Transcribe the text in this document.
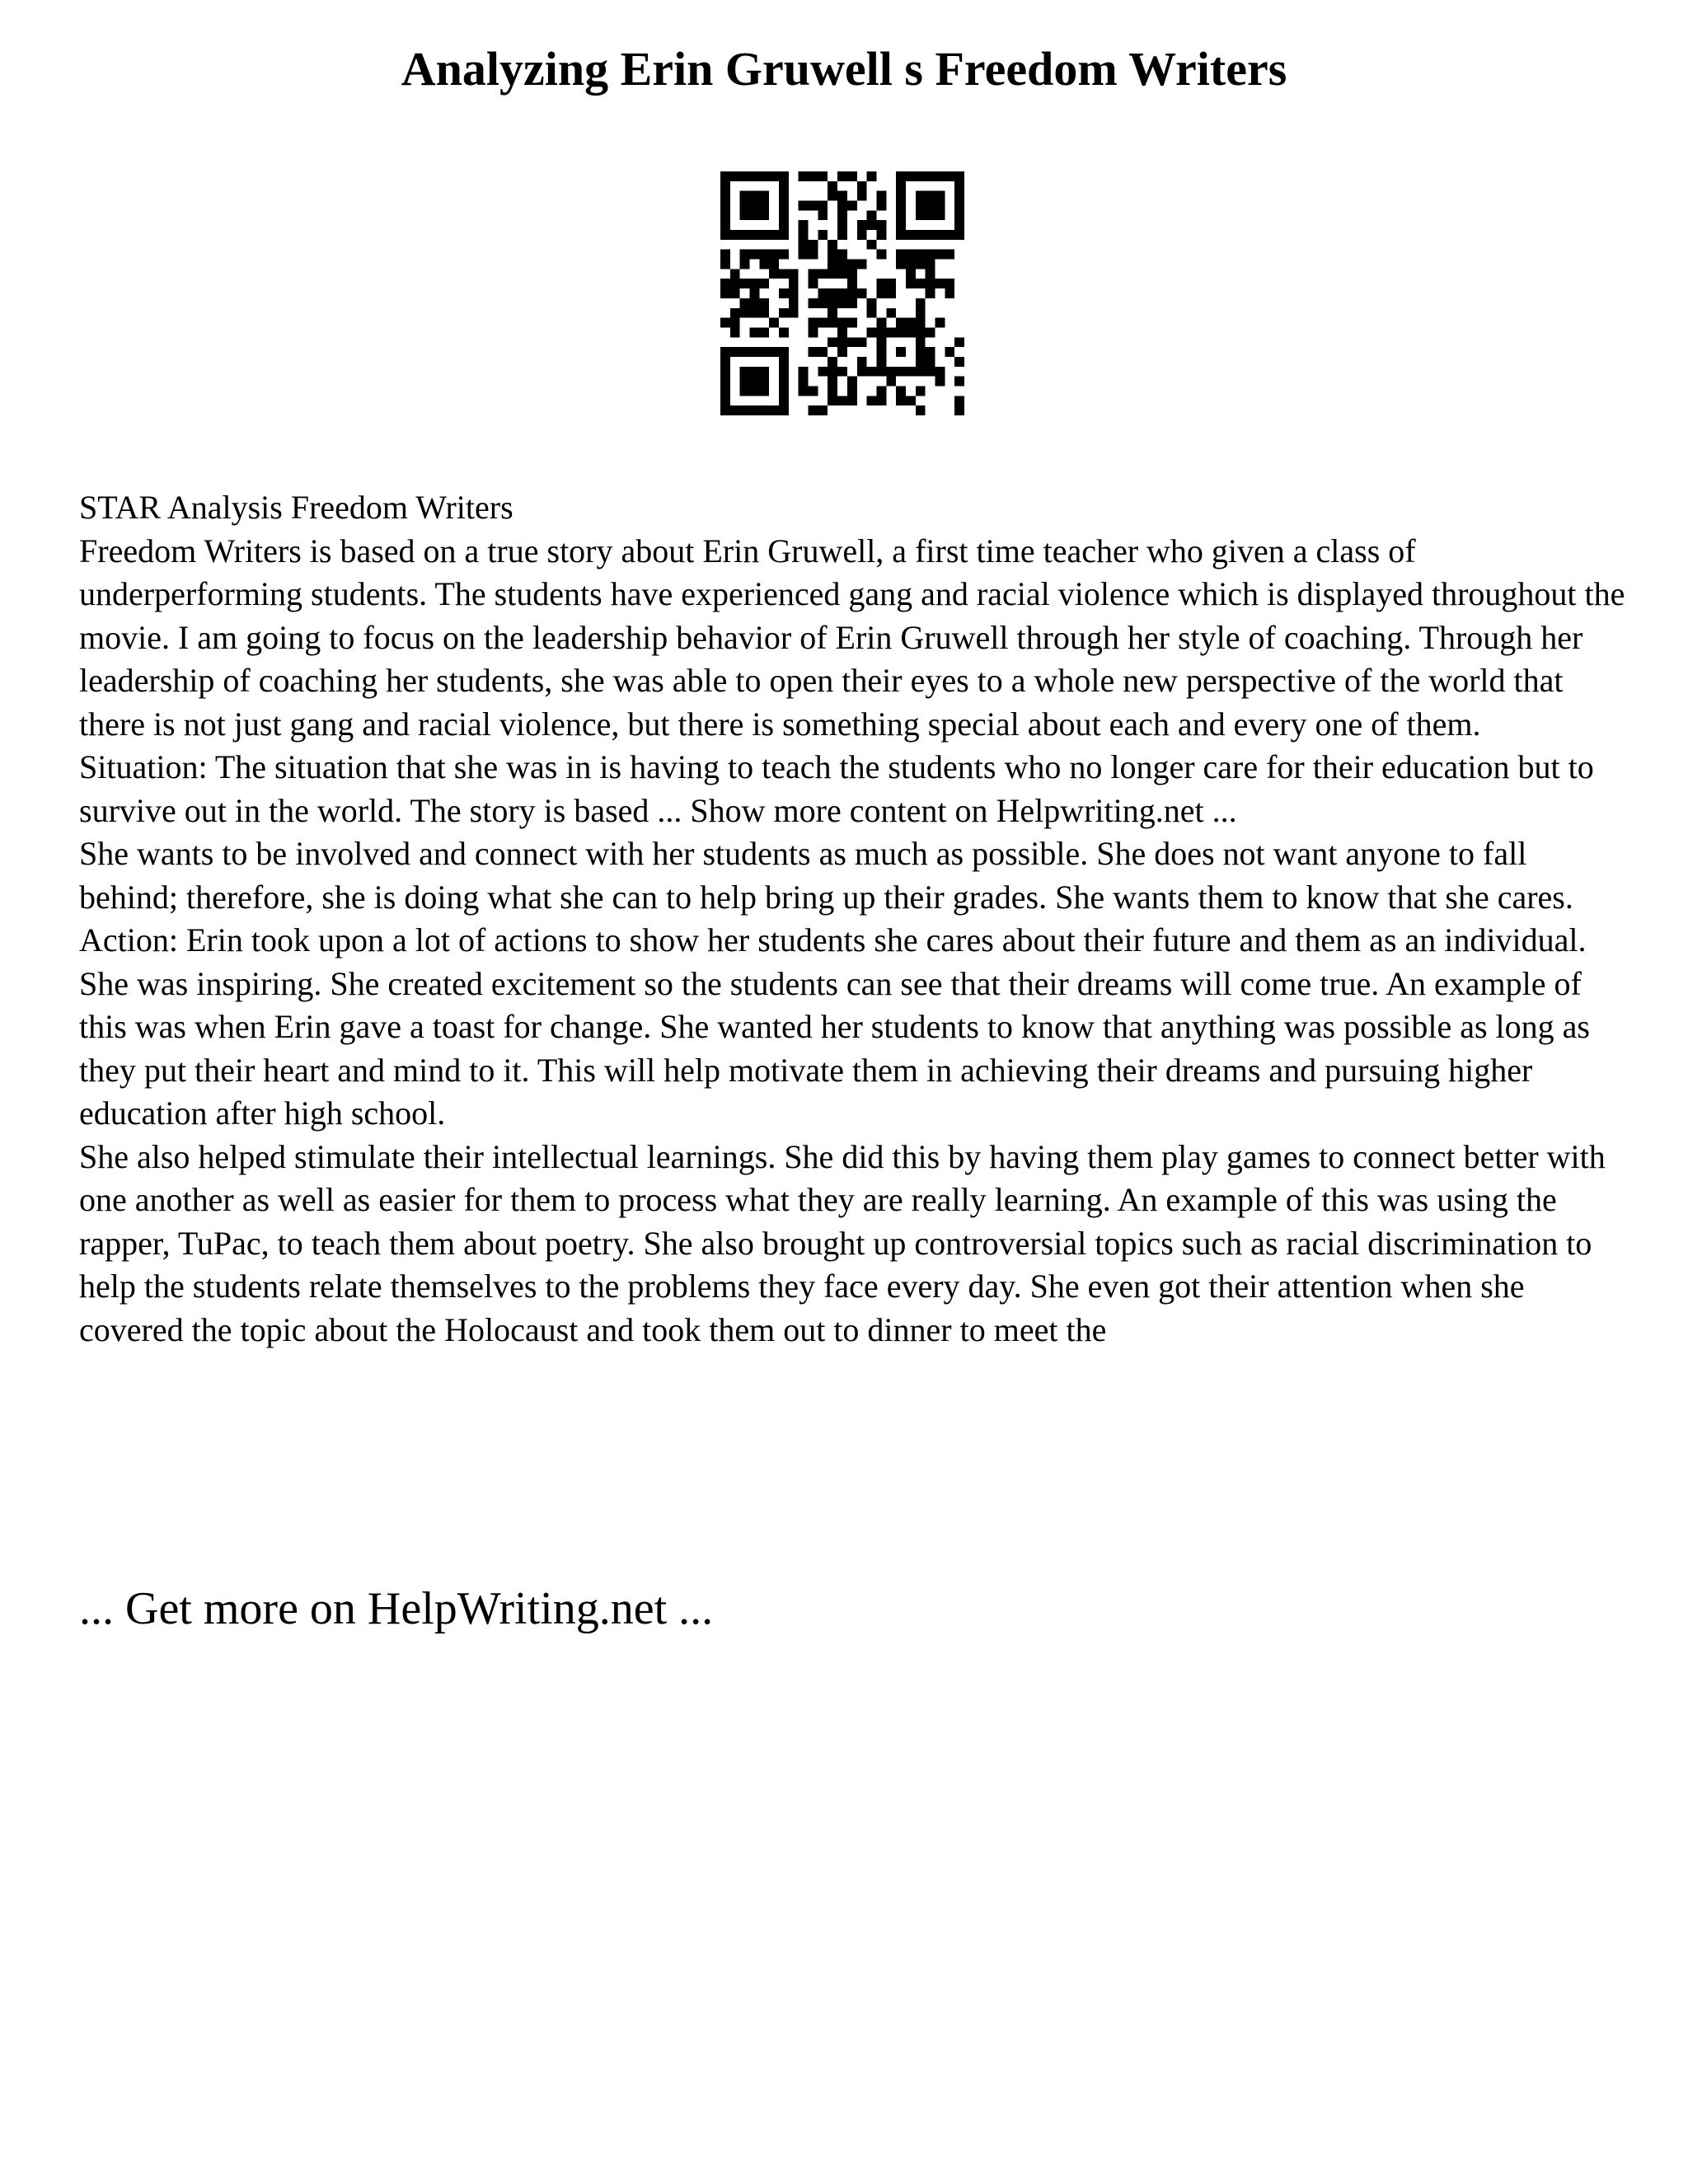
Analyzing Erin Gruwell s Freedom Writers

STAR Analysis Freedom Writers

Freedom Writers is based on a true story about Erin Gruwell, a first time teacher who given a class of underperforming students. The students have experienced gang and racial violence which is displayed throughout the movie. I am going to focus on the leadership behavior of Erin Gruwell through her style of coaching. Through her leadership of coaching her students, she was able to open their eyes to a whole new perspective of the world that there is not just gang and racial violence, but there is something special about each and every one of them.

Situation: The situation that she was in is having to teach the students who no longer care for their education but to survive out in the world. The story is based ... Show more content on Helpwriting.net ...

She wants to be involved and connect with her students as much as possible. She does not want anyone to fall behind; therefore, she is doing what she can to help bring up their grades. She wants them to know that she cares.

Action: Erin took upon a lot of actions to show her students she cares about their future and them as an individual. She was inspiring. She created excitement so the students can see that their dreams will come true. An example of this was when Erin gave a toast for change. She wanted her students to know that anything was possible as long as they put their heart and mind to it. This will help motivate them in achieving their dreams and pursuing higher education after high school.

She also helped stimulate their intellectual learnings. She did this by having them play games to connect better with one another as well as easier for them to process what they are really learning. An example of this was using the rapper, TuPac, to teach them about poetry. She also brought up controversial topics such as racial discrimination to help the students relate themselves to the problems they face every day. She even got their attention when she covered the topic about the Holocaust and took them out to dinner to meet the

... Get more on HelpWriting.net ...
